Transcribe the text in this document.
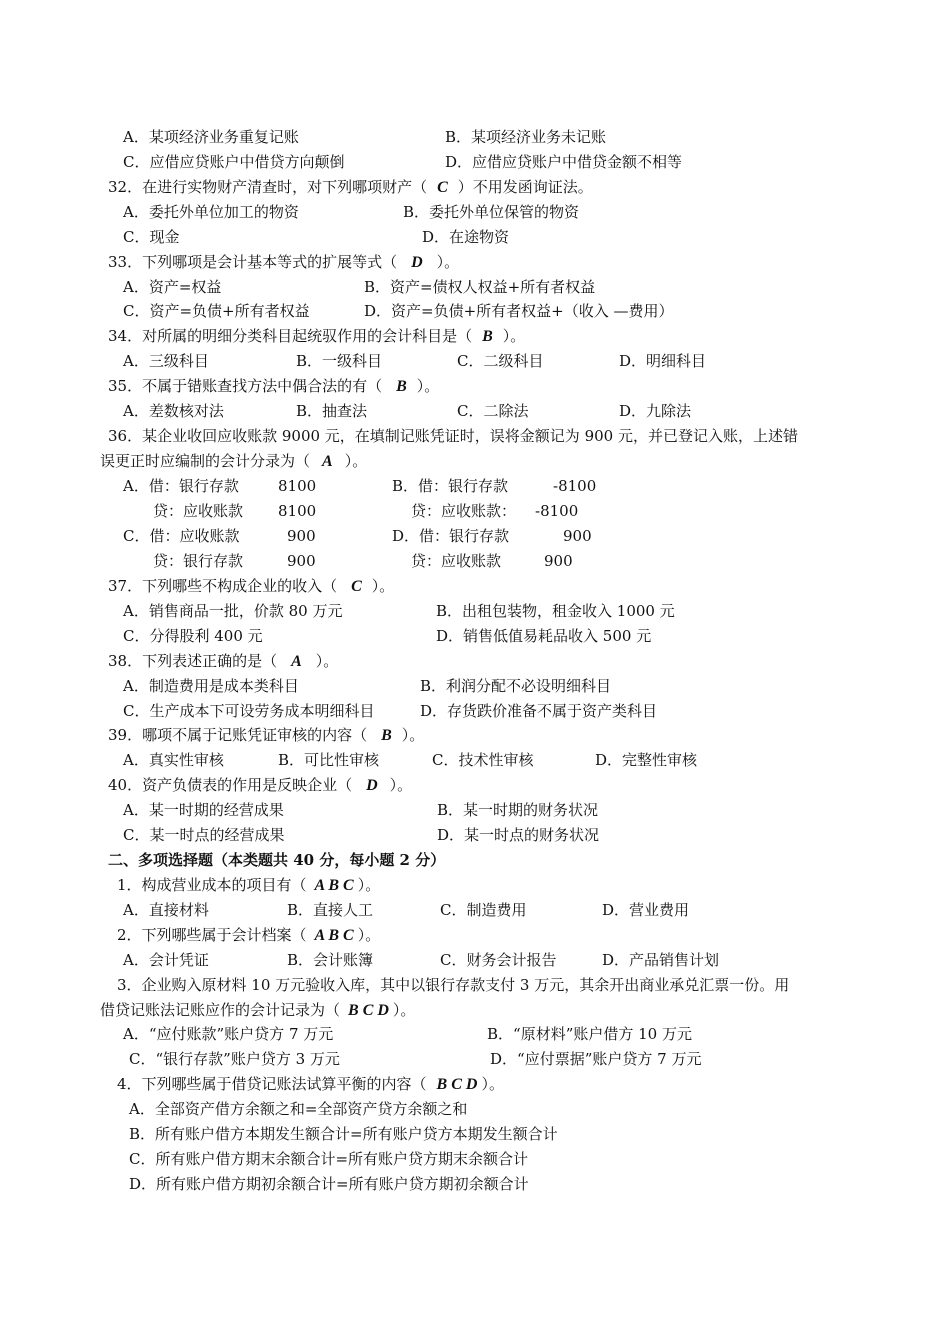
A．某项经济业务重复记账	B．某项经济业务未记账
C．应借应贷账户中借贷方向颠倒	D．应借应贷账户中借贷金额不相等
32．在进行实物财产清查时，对下列哪项财产（ C ）不用发函询证法。
A．委托外单位加工的物资	B．委托外单位保管的物资
C．现金	D．在途物资
33．下列哪项是会计基本等式的扩展等式（ D ）。
A．资产=权益	B．资产=债权人权益+所有者权益
C．资产=负债+所有者权益	D．资产=负债+所有者权益+（收入 —费用）
34．对所属的明细分类科目起统驭作用的会计科目是（ B ）。
A．三级科目	B．一级科目	C．二级科目	D．明细科目
35．不属于错账查找方法中偶合法的有（ B ）。
A．差数核对法	B．抽查法	C．二除法	D．九除法
36．某企业收回应收账款 9000 元，在填制记账凭证时，误将金额记为 900 元，并已登记入账，上述错
误更正时应编制的会计分录为（ A ）。
A．借：银行存款	8100	B．借：银行存款	-8100
贷：应收账款 8100	贷：应收账款： -8100
C．借：应收账款	900	D．借：银行存款	900
贷：银行存款	900	贷：应收账款	900
37．下列哪些不构成企业的收入（ C ）。
A．销售商品一批，价款 80 万元	B．出租包装物，租金收入 1000 元
C．分得股利 400 元	D．销售低值易耗品收入 500 元
38．下列表述正确的是（ A ）。
A．制造费用是成本类科目	B．利润分配不必设明细科目
C．生产成本下可设劳务成本明细科目	D．存货跌价准备不属于资产类科目
39．哪项不属于记账凭证审核的内容（ B ）。
A．真实性审核	B．可比性审核	C．技术性审核	D．完整性审核
40．资产负债表的作用是反映企业（ D ）。
A．某一时期的经营成果	B．某一时期的财务状况
C．某一时点的经营成果	D．某一时点的财务状况
二、多项选择题（本类题共 40 分，每小题 2 分）
1．构成营业成本的项目有（ A B C ）。
A．直接材料	B．直接人工	C．制造费用	D．营业费用
2．下列哪些属于会计档案（ A B C ）。
A．会计凭证	B．会计账簿	C．财务会计报告	D．产品销售计划
3．企业购入原材料 10 万元验收入库，其中以银行存款支付 3 万元，其余开出商业承兑汇票一份。用
借贷记账法记账应作的会计记录为（ B C D ）。
A．“应付账款”账户贷方 7 万元	B．“原材料”账户借方 10 万元
C．“银行存款”账户贷方 3 万元	D．“应付票据”账户贷方 7 万元
4．下列哪些属于借贷记账法试算平衡的内容（ B C D ）。
A．全部资产借方余额之和=全部资产贷方余额之和
B．所有账户借方本期发生额合计=所有账户贷方本期发生额合计
C．所有账户借方期末余额合计=所有账户贷方期末余额合计
D．所有账户借方期初余额合计=所有账户贷方期初余额合计
